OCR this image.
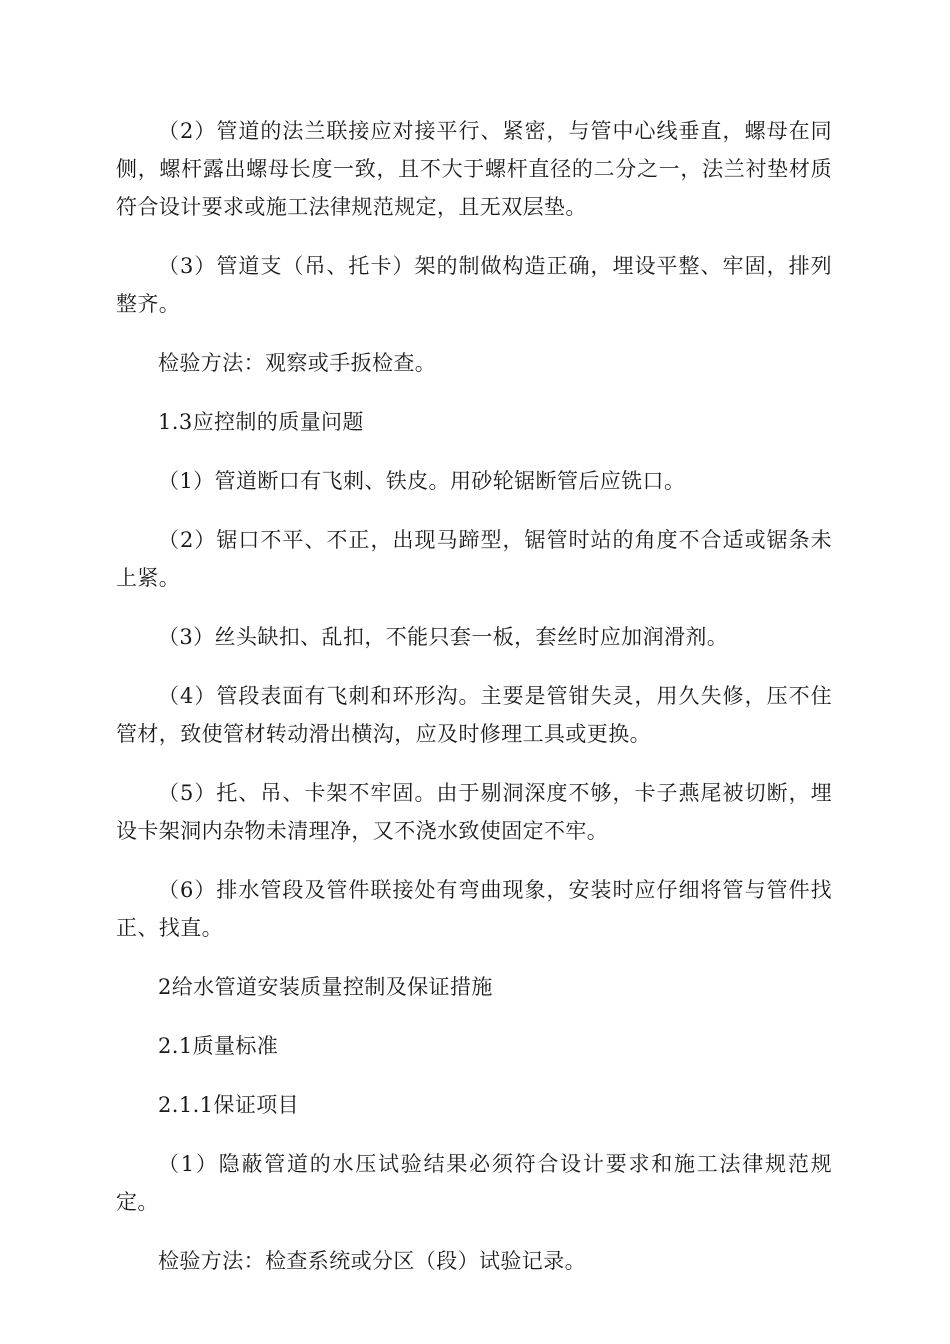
（2）管道的法兰联接应对接平行、紧密，与管中心线垂直，螺母在同侧，螺杆露出螺母长度一致，且不大于螺杆直径的二分之一，法兰衬垫材质符合设计要求或施工法律规范规定，且无双层垫。

（3）管道支（吊、托卡）架的制做构造正确，埋设平整、牢固，排列整齐。

检验方法：观察或手扳检查。

1.3应控制的质量问题

（1）管道断口有飞刺、铁皮。用砂轮锯断管后应铣口。

（2）锯口不平、不正，出现马蹄型，锯管时站的角度不合适或锯条未上紧。

（3）丝头缺扣、乱扣，不能只套一板，套丝时应加润滑剂。

（4）管段表面有飞刺和环形沟。主要是管钳失灵，用久失修，压不住管材，致使管材转动滑出横沟，应及时修理工具或更换。

（5）托、吊、卡架不牢固。由于剔洞深度不够，卡子燕尾被切断，埋设卡架洞内杂物未清理净，又不浇水致使固定不牢。

（6）排水管段及管件联接处有弯曲现象，安装时应仔细将管与管件找正、找直。

2给水管道安装质量控制及保证措施

2.1质量标准

2.1.1保证项目

（1）隐蔽管道的水压试验结果必须符合设计要求和施工法律规范规定。

检验方法：检查系统或分区（段）试验记录。
